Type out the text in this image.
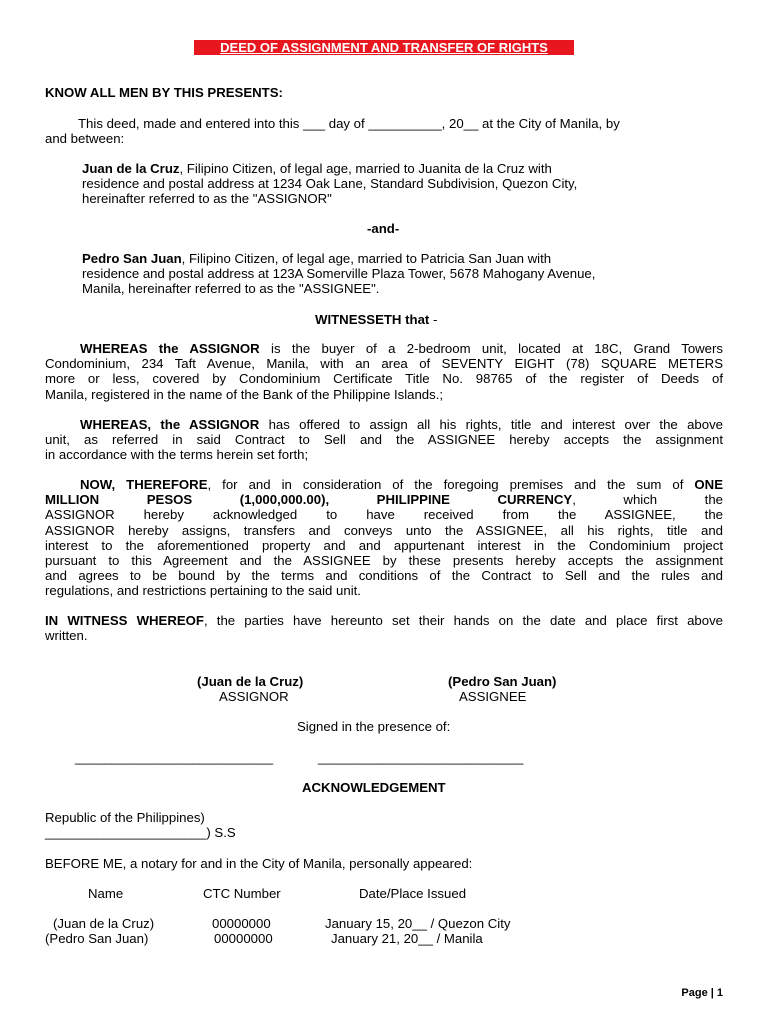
DEED OF ASSIGNMENT AND TRANSFER OF RIGHTS
KNOW ALL MEN BY THIS PRESENTS:
This deed, made and entered into this ___ day of __________, 20__ at the City of Manila, by
and between:
Juan de la Cruz, Filipino Citizen, of legal age, married to Juanita de la Cruz with
residence and postal address at 1234 Oak Lane, Standard Subdivision, Quezon City,
hereinafter referred to as the "ASSIGNOR"
-and-
Pedro San Juan, Filipino Citizen, of legal age, married to Patricia San Juan with
residence and postal address at 123A Somerville Plaza Tower, 5678 Mahogany Avenue,
Manila, hereinafter referred to as the "ASSIGNEE".
WITNESSETH that -
WHEREAS the ASSIGNOR is the buyer of a 2-bedroom unit, located at 18C, Grand Towers
Condominium, 234 Taft Avenue, Manila, with an area of SEVENTY EIGHT (78) SQUARE METERS
more or less, covered by Condominium Certificate Title No. 98765 of the register of Deeds of
Manila, registered in the name of the Bank of the Philippine Islands.;
WHEREAS, the ASSIGNOR has offered to assign all his rights, title and interest over the above
unit, as referred in said Contract to Sell and the ASSIGNEE hereby accepts the assignment
in accordance with the terms herein set forth;
NOW, THEREFORE, for and in consideration of the foregoing premises and the sum of ONE
MILLION PESOS (1,000,000.00), PHILIPPINE CURRENCY, which the
ASSIGNOR hereby acknowledged to have received from the ASSIGNEE, the
ASSIGNOR hereby assigns, transfers and conveys unto the ASSIGNEE, all his rights, title and
interest to the aforementioned property and and appurtenant interest in the Condominium project
pursuant to this Agreement and the ASSIGNEE by these presents hereby accepts the assignment
and agrees to be bound by the terms and conditions of the Contract to Sell and the rules and
regulations, and restrictions pertaining to the said unit.
IN WITNESS WHEREOF, the parties have hereunto set their hands on the date and place first above
written.
(Juan de la Cruz)
ASSIGNOR
(Pedro San Juan)
ASSIGNEE
Signed in the presence of:
___________________________	____________________________
ACKNOWLEDGEMENT
Republic of the Philippines)
______________________) S.S
BEFORE ME, a notary for and in the City of Manila, personally appeared:
Name	CTC Number	Date/Place Issued
(Juan de la Cruz)	00000000	January 15, 20__ / Quezon City
(Pedro San Juan)	00000000	January 21, 20__ / Manila
Page | 1
